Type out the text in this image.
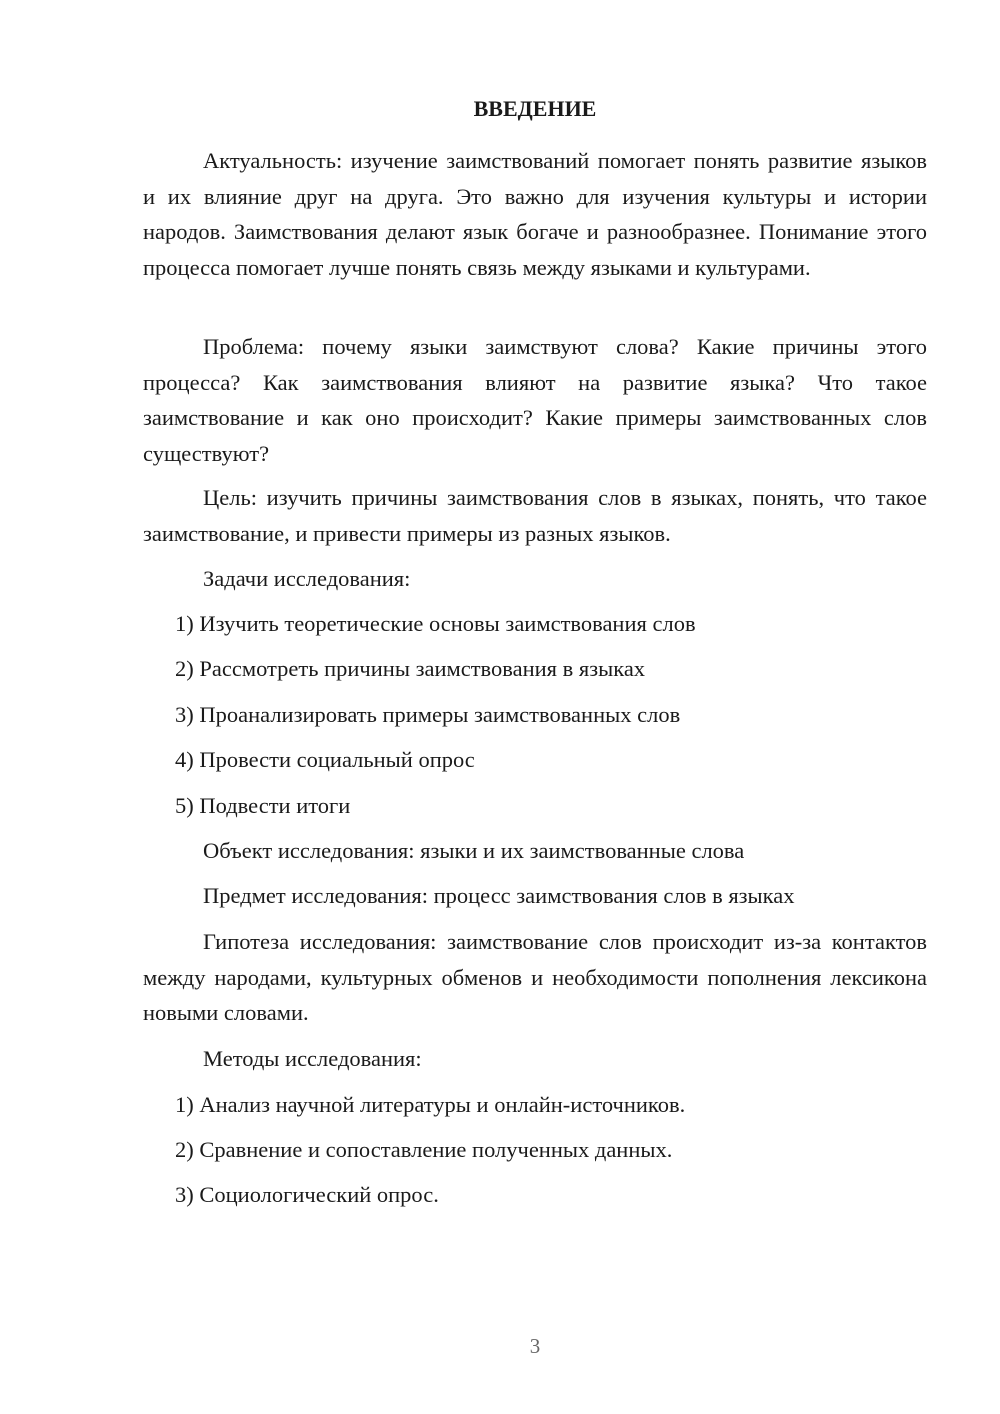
ВВЕДЕНИЕ

Актуальность: изучение заимствований помогает понять развитие языков и их влияние друг на друга. Это важно для изучения культуры и истории народов. Заимствования делают язык богаче и разнообразнее. Понимание этого процесса помогает лучше понять связь между языками и культурами.

Проблема: почему языки заимствуют слова? Какие причины этого процесса? Как заимствования влияют на развитие языка? Что такое заимствование и как оно происходит? Какие примеры заимствованных слов существуют?

Цель: изучить причины заимствования слов в языках, понять, что такое заимствование, и привести примеры из разных языков.

Задачи исследования:

1) Изучить теоретические основы заимствования слов

2) Рассмотреть причины заимствования в языках

3) Проанализировать примеры заимствованных слов

4) Провести социальный опрос

5) Подвести итоги

Объект исследования: языки и их заимствованные слова

Предмет исследования: процесс заимствования слов в языках

Гипотеза исследования: заимствование слов происходит из-за контактов между народами, культурных обменов и необходимости пополнения лексикона новыми словами.

Методы исследования:

1) Анализ научной литературы и онлайн-источников.

2) Сравнение и сопоставление полученных данных.

3) Социологический опрос.

3
